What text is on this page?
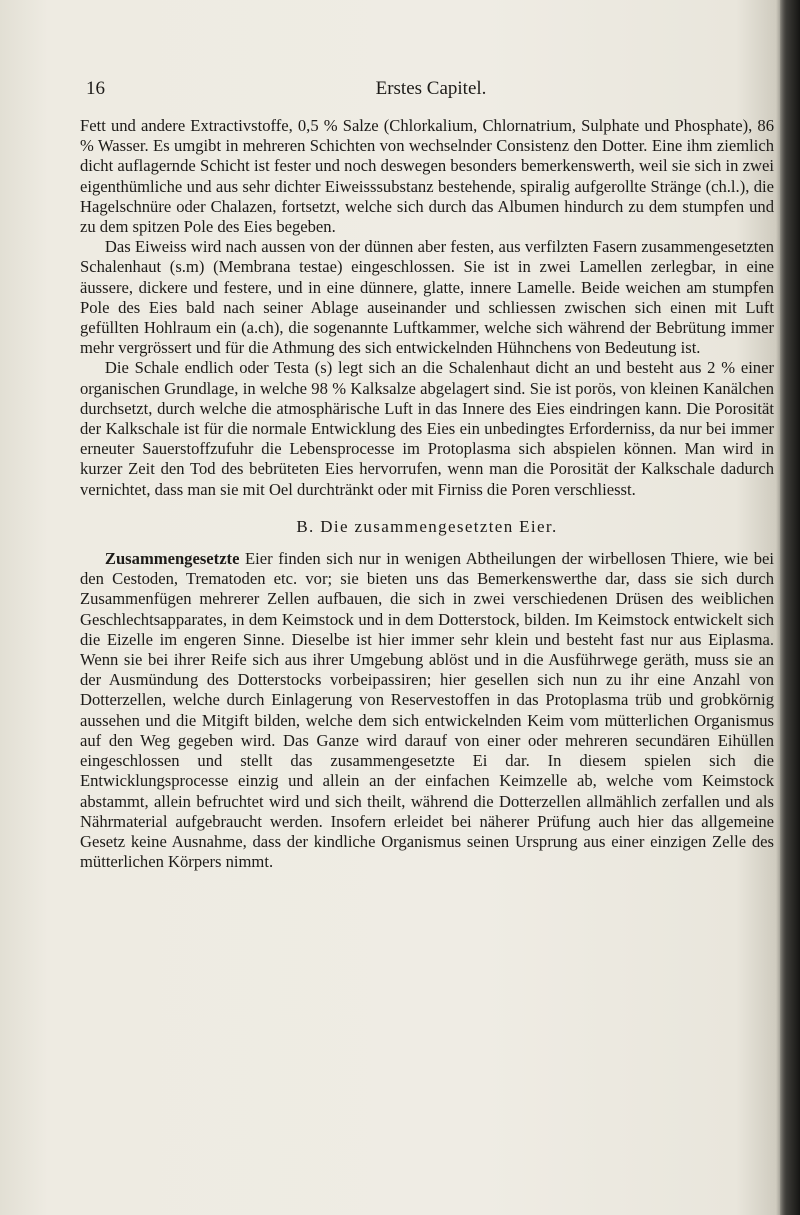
16	Erstes Capitel.

Fett und andere Extractivstoffe, 0,5 % Salze (Chlorkalium, Chlornatrium, Sulphate und Phosphate), 86 % Wasser. Es umgibt in mehreren Schichten von wechselnder Consistenz den Dotter. Eine ihm ziemlich dicht auflagernde Schicht ist fester und noch deswegen besonders bemerkenswerth, weil sie sich in zwei eigenthümliche und aus sehr dichter Eiweisssubstanz bestehende, spiralig aufgerollte Stränge (ch.l.), die Hagelschnüre oder Chalazen, fortsetzt, welche sich durch das Albumen hindurch zu dem stumpfen und zu dem spitzen Pole des Eies begeben.

Das Eiweiss wird nach aussen von der dünnen aber festen, aus verfilzten Fasern zusammengesetzten Schalenhaut (s.m) (Membrana testae) eingeschlossen. Sie ist in zwei Lamellen zerlegbar, in eine äussere, dickere und festere, und in eine dünnere, glatte, innere Lamelle. Beide weichen am stumpfen Pole des Eies bald nach seiner Ablage auseinander und schliessen zwischen sich einen mit Luft gefüllten Hohlraum ein (a.ch), die sogenannte Luftkammer, welche sich während der Bebrütung immer mehr vergrössert und für die Athmung des sich entwickelnden Hühnchens von Bedeutung ist.

Die Schale endlich oder Testa (s) legt sich an die Schalenhaut dicht an und besteht aus 2 % einer organischen Grundlage, in welche 98 % Kalksalze abgelagert sind. Sie ist porös, von kleinen Kanälchen durchsetzt, durch welche die atmosphärische Luft in das Innere des Eies eindringen kann. Die Porosität der Kalkschale ist für die normale Entwicklung des Eies ein unbedingtes Erforderniss, da nur bei immer erneuter Sauerstoffzufuhr die Lebensprocesse im Protoplasma sich abspielen können. Man wird in kurzer Zeit den Tod des bebrüteten Eies hervorrufen, wenn man die Porosität der Kalkschale dadurch vernichtet, dass man sie mit Oel durchtränkt oder mit Firniss die Poren verschliesst.

B. Die zusammengesetzten Eier.

Zusammengesetzte Eier finden sich nur in wenigen Abtheilungen der wirbellosen Thiere, wie bei den Cestoden, Trematoden etc. vor; sie bieten uns das Bemerkenswerthe dar, dass sie sich durch Zusammenfügen mehrerer Zellen aufbauen, die sich in zwei verschiedenen Drüsen des weiblichen Geschlechtsapparates, in dem Keimstock und in dem Dotterstock, bilden. Im Keimstock entwickelt sich die Eizelle im engeren Sinne. Dieselbe ist hier immer sehr klein und besteht fast nur aus Eiplasma. Wenn sie bei ihrer Reife sich aus ihrer Umgebung ablöst und in die Ausführwege geräth, muss sie an der Ausmündung des Dotterstocks vorbeipassiren; hier gesellen sich nun zu ihr eine Anzahl von Dotterzellen, welche durch Einlagerung von Reservestoffen in das Protoplasma trüb und grobkörnig aussehen und die Mitgift bilden, welche dem sich entwickelnden Keim vom mütterlichen Organismus auf den Weg gegeben wird. Das Ganze wird darauf von einer oder mehreren secundären Eihüllen eingeschlossen und stellt das zusammengesetzte Ei dar. In diesem spielen sich die Entwicklungsprocesse einzig und allein an der einfachen Keimzelle ab, welche vom Keimstock abstammt, allein befruchtet wird und sich theilt, während die Dotterzellen allmählich zerfallen und als Nährmaterial aufgebraucht werden. Insofern erleidet bei näherer Prüfung auch hier das allgemeine Gesetz keine Ausnahme, dass der kindliche Organismus seinen Ursprung aus einer einzigen Zelle des mütterlichen Körpers nimmt.
